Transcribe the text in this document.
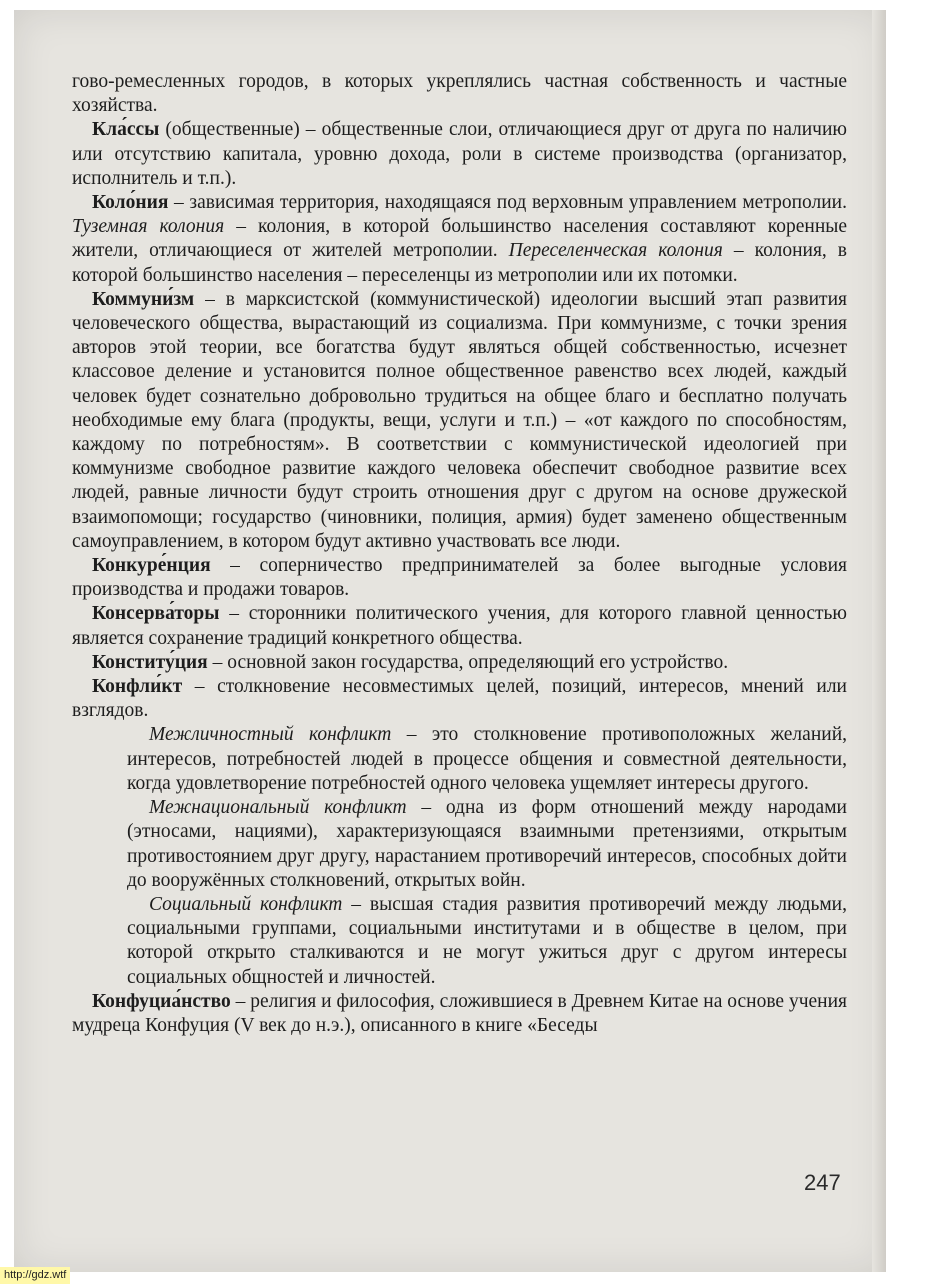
гово-ремесленных городов, в которых укреплялись частная собственность и частные хозяйства.

Кла́ссы (общественные) – общественные слои, отличающиеся друг от друга по наличию или отсутствию капитала, уровню дохода, роли в системе производства (организатор, исполнитель и т.п.).

Коло́ния – зависимая территория, находящаяся под верховным управлением метрополии. Туземная колония – колония, в которой большинство населения составляют коренные жители, отличающиеся от жителей метрополии. Переселенческая колония – колония, в которой большинство населения – переселенцы из метрополии или их потомки.

Коммуни́зм – в марксистской (коммунистической) идеологии высший этап развития человеческого общества, вырастающий из социализма. При коммунизме, с точки зрения авторов этой теории, все богатства будут являться общей собственностью, исчезнет классовое деление и установится полное общественное равенство всех людей, каждый человек будет сознательно добровольно трудиться на общее благо и бесплатно получать необходимые ему блага (продукты, вещи, услуги и т.п.) – «от каждого по способностям, каждому по потребностям». В соответствии с коммунистической идеологией при коммунизме свободное развитие каждого человека обеспечит свободное развитие всех людей, равные личности будут строить отношения друг с другом на основе дружеской взаимопомощи; государство (чиновники, полиция, армия) будет заменено общественным самоуправлением, в котором будут активно участвовать все люди.

Конкуре́нция – соперничество предпринимателей за более выгодные условия производства и продажи товаров.

Консерва́торы – сторонники политического учения, для которого главной ценностью является сохранение традиций конкретного общества.

Конститу́ция – основной закон государства, определяющий его устройство.

Конфли́кт – столкновение несовместимых целей, позиций, интересов, мнений или взглядов.

Межличностный конфликт – это столкновение противоположных желаний, интересов, потребностей людей в процессе общения и совместной деятельности, когда удовлетворение потребностей одного человека ущемляет интересы другого.

Межнациональный конфликт – одна из форм отношений между народами (этносами, нациями), характеризующаяся взаимными претензиями, открытым противостоянием друг другу, нарастанием противоречий интересов, способных дойти до вооружённых столкновений, открытых войн.

Социальный конфликт – высшая стадия развития противоречий между людьми, социальными группами, социальными институтами и в обществе в целом, при которой открыто сталкиваются и не могут ужиться друг с другом интересы социальных общностей и личностей.

Конфуциа́нство – религия и философия, сложившиеся в Древнем Китае на основе учения мудреца Конфуция (V век до н.э.), описанного в книге «Беседы

247
http://gdz.wtf
